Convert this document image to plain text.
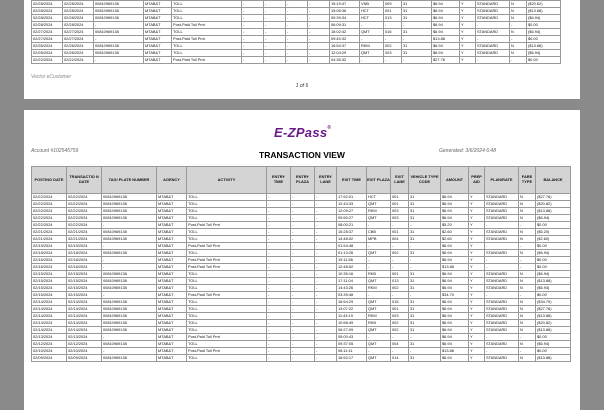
02/28/2024	02/28/2024	00810969138	MTAB&T	TOLL	-	-	-	-	15:19:47	VNB	009	31	$6.94	Y	STANDARD	N	($20.62)
02/28/2024	02/28/2024	00810969138	MTAB&T	TOLL	-	-	-	-	15:06:36	HCT	001	31	$6.94	Y	STANDARD	N	($13.68)
02/28/2024	02/28/2024	00810969138	MTAB&T	TOLL	-	-	-	-	09:39:34	HCT	013	31	$6.94	Y	STANDARD	N	($6.94)
02/28/2024	02/28/2024	-	MTAB&T	Post-Paid Toll Pmt	-	-	-	-	06:09:31	-	-	-	$6.94	Y	-	-	$0.00
02/27/2024	02/27/2024	00810969138	MTAB&T	TOLL	-	-	-	-	16:02:42	QMT	016	31	$6.94	Y	STANDARD	N	($6.94)
02/27/2024	02/27/2024	-	MTAB&T	Post-Paid Toll Pmt	-	-	-	-	09:40:32	-	-	-	$13.88	Y	-	-	$0.00
02/26/2024	02/26/2024	00810969138	MTAB&T	TOLL	-	-	-	-	16:54:37	RKM	002	31	$6.94	Y	STANDARD	N	($13.88)
02/26/2024	02/26/2024	00810969138	MTAB&T	TOLL	-	-	-	-	12:04:29	QMT	003	31	$6.94	Y	STANDARD	N	($6.94)
02/22/2024	02/22/2024	-	MTAB&T	Post-Paid Toll Pmt	-	-	-	-	04:35:32	-	-	-	$27.76	Y	-	-	$0.00
Vector eCustomer
1 of 6
E-ZPass®
Account #102545759	TRANSACTION VIEW	Generated: 3/6/2024 6:48
POSTING DATE	TRANSACTIO N DATE	TAG/ PLATE NUMBER	AGENCY	ACTIVITY	ENTRY TIME	ENTRY PLAZA	ENTRY LANE	EXIT TIME	EXIT PLAZA	EXIT LANE	VEHICLE TYPE CODE	AMOUNT	PREP AID	PLAN/RATE	FARE TYPE	BALANCE
02/22/2024	02/22/2024	00810969138	MTAB&T	TOLL	-	-	-	17:52:01	HCT	001	31	$6.94	Y	STANDARD	N	($27.76)
02/22/2024	02/22/2024	00810969138	MTAB&T	TOLL	-	-	-	12:44:33	QMT	001	31	$6.94	Y	STANDARD	N	($20.82)
02/22/2024	02/22/2024	00810969138	MTAB&T	TOLL	-	-	-	12:09:27	RKM	003	31	$6.94	Y	STANDARD	N	($13.88)
02/22/2024	02/22/2024	00810969138	MTAB&T	TOLL	-	-	-	09:50:27	QMT	003	31	$6.94	Y	STANDARD	N	($6.94)
02/22/2024	02/22/2024	-	MTAB&T	Post-Paid Toll Pmt	-	-	-	08:00:21	-	-	-	$5.20	Y	-	-	$0.00
02/21/2024	02/21/2024	00810969138	MTAB&T	TOLL	-	-	-	15:28:37	CBB	001	31	$2.60	Y	STANDARD	N	($5.20)
02/21/2024	02/21/2024	00810969138	MTAB&T	TOLL	-	-	-	14:48:02	MPB	004	31	$2.60	Y	STANDARD	N	($2.60)
02/19/2024	02/19/2024	-	MTAB&T	Post-Paid Toll Pmt	-	-	-	01:54:48	-	-	-	$6.94	Y	-	-	$0.00
02/18/2024	02/18/2024	00810969138	MTAB&T	TOLL	-	-	-	01:13:26	QMT	002	31	$6.94	Y	STANDARD	N	($6.94)
02/16/2024	02/16/2024	-	MTAB&T	Post-Paid Toll Pmt	-	-	-	19:11:56	-	-	-	$6.94	Y	-	-	$0.00
02/16/2024	02/16/2024	-	MTAB&T	Post-Paid Toll Pmt	-	-	-	12:48:52	-	-	-	$13.88	Y	-	-	$0.00
02/15/2024	02/15/2024	00810969138	MTAB&T	TOLL	-	-	-	10:35:16	RKB	001	31	$6.94	Y	STANDARD	N	($6.94)
02/15/2024	02/15/2024	00810969138	MTAB&T	TOLL	-	-	-	17:11:04	QMT	013	31	$6.94	Y	STANDARD	N	($13.88)
02/15/2024	02/15/2024	00810969138	MTAB&T	TOLL	-	-	-	14:43:26	RKM	002	31	$6.94	Y	STANDARD	N	($6.94)
02/15/2024	02/15/2024	-	MTAB&T	Post-Paid Toll Pmt	-	-	-	03:39:48	-	-	-	$34.70	Y	-	-	$0.00
02/14/2024	02/14/2024	00810969138	MTAB&T	TOLL	-	-	-	16:54:29	QMT	015	31	$6.94	Y	STANDARD	N	($34.70)
02/14/2024	02/14/2024	00810969138	MTAB&T	TOLL	-	-	-	13:07:22	QMT	001	31	$6.94	Y	STANDARD	N	($27.76)
02/14/2024	02/14/2024	00810969138	MTAB&T	TOLL	-	-	-	11:43:19	RKM	003	31	$6.94	Y	STANDARD	N	($13.88)
02/14/2024	02/14/2024	00810969138	MTAB&T	TOLL	-	-	-	10:58:49	RKB	002	31	$6.94	Y	STANDARD	N	($20.82)
02/14/2024	02/14/2024	00810969138	MTAB&T	TOLL	-	-	-	06:27:09	QMT	002	31	$6.94	Y	STANDARD	N	($13.88)
02/13/2024	02/13/2024	-	MTAB&T	Post-Paid Toll Pmt	-	-	-	05:00:43	-	-	-	$6.94	Y	-	-	$0.00
02/12/2024	02/12/2024	00810969138	MTAB&T	TOLL	-	-	-	09:37:05	QMT	004	31	$6.94	Y	STANDARD	N	($6.94)
02/10/2024	02/10/2024	-	MTAB&T	Post-Paid Toll Pmt	-	-	-	06:11:11	-	-	-	$13.88	Y	-	-	$0.00
02/09/2024	02/09/2024	00810969138	MTAB&T	TOLL	-	-	-	16:52:17	QMT	014	31	$6.94	Y	STANDARD	N	($13.88)
